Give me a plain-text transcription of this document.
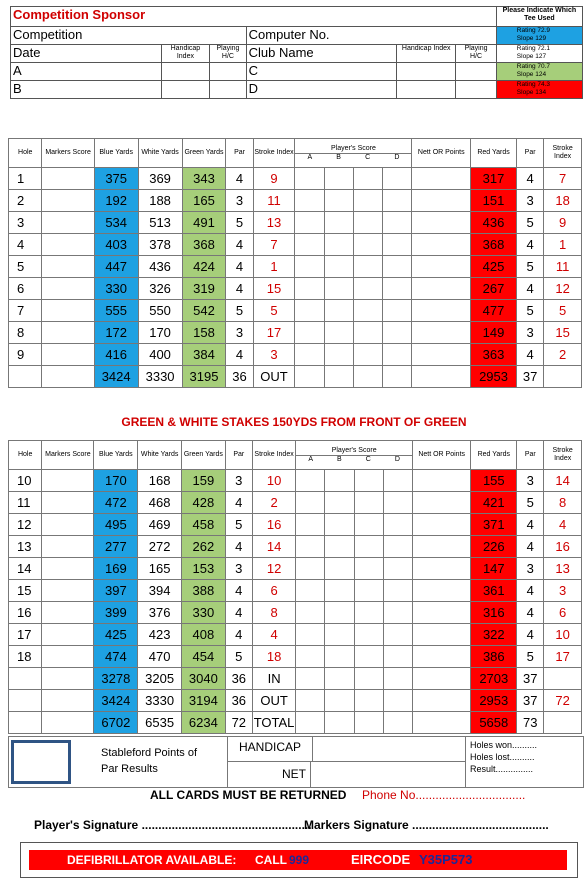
Competition Sponsor						Please Indicate Which Tee Used
Competition			Computer No.			Rating 72.9
Slope 129

Date	Handicap Index	Playing H/C	Club Name	Handicap Index	Playing H/C	Rating 72.1
Slope 127

A			C			Rating 70.7
Slope 124

B			D			Rating 74.3
Slope 134
Hole	Markers Score	Blue Yards	White Yards	Green Yards	Par	Stroke Index	Player's Score
A B C D				Nett OR Points	Red Yards	Par	Stroke Index
1		375	369	343	4	9						317	4	7
2		192	188	165	3	11						151	3	18
3		534	513	491	5	13						436	5	9
4		403	378	368	4	7						368	4	1
5		447	436	424	4	1						425	5	11
6		330	326	319	4	15						267	4	12
7		555	550	542	5	5						477	5	5
8		172	170	158	3	17						149	3	15
9		416	400	384	4	3						363	4	2
		3424	3330	3195	36	OUT						2953	37	
GREEN & WHITE STAKES 150YDS FROM FRONT OF GREEN
Hole	Markers Score	Blue Yards	White Yards	Green Yards	Par	Stroke Index	Player's Score
A B C D				Nett OR Points	Red Yards	Par	Stroke Index
10		170	168	159	3	10						155	3	14
11		472	468	428	4	2						421	5	8
12		495	469	458	5	16						371	4	4
13		277	272	262	4	14						226	4	16
14		169	165	153	3	12						147	3	13
15		397	394	388	4	6						361	4	3
16		399	376	330	4	8						316	4	6
17		425	423	408	4	4						322	4	10
18		474	470	454	5	18						386	5	17
		3278	3205	3040	36	IN						2703	37	
		3424	3330	3194	36	OUT						2953	37	72
		6702	6535	6234	72	TOTAL						5658	73	
Stableford Points of
Par Results
HANDICAP
NET
Holes won..........
Holes lost..........
Result...............
ALL CARDS MUST BE RETURNED Phone No.................................
Player's Signature ...................................................
Markers Signature .........................................
DEFIBRILLATOR AVAILABLE: CALL 999	EIRCODE Y35P573
